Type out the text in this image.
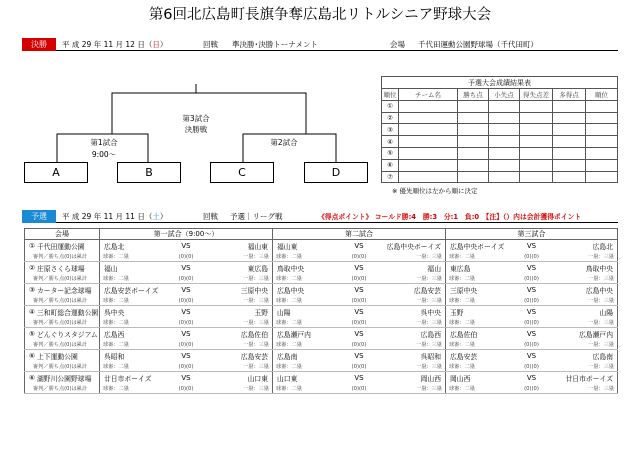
第6回北広島町長旗争奪広島北リトルシニア野球大会
決勝	平 成 29 年 11 月 12 日（日）	回戦 準決勝･決勝トーナメント	会場 千代田運動公園野球場（千代田町）
第3試合
決勝戦
第1試合
9:00～
第2試合
A	B	C	D
予選大会成績結果表						
順位	チーム名	勝ち点	小失点	得失点差	多得点	順位
①						
②						
③						
④						
⑤						
⑥						
⑦						
※ 優先順位は左から順に決定
予選	平 成 29 年 11 月 11 日（土）	回戦 予選｜リーグ戦	《得点ポイント》 コールド勝:4　勝:3　分:1　負:0　【注】（）内は会計獲得ポイント
会場	第一試合（9:00～）	第二試合	第三試合

① 千代田運動公園	広島北 VS 福山東	福山東 VS 広島中央ボーイズ	広島中央ボーイズ VS 広島北

審判／勝ち点(0)は累計	球審：二塁 (0) (0) 一塁：三塁	球審：二塁 (0) (0) 一塁：三塁	球審：二塁 (0) (0) 一塁：三塁

② 庄原さくら球場	福山 VS 東広島	鳥取中央 VS 福山	東広島 VS 鳥取中央

審判／勝ち点(0)は累計	球審：二塁 (0) (0) 一塁：三塁	球審：二塁 (0) (0) 一塁：三塁	球審：二塁 (0) (0) 一塁：三塁

③ カーター記念球場	広島安芸ボーイズ VS 三原中央	広島中央 VS 広島安芸	三原中央 VS 広島中央

審判／勝ち点(0)は累計	球審：二塁 (0) (0) 一塁：三塁	球審：二塁 (0) (0) 一塁：三塁	球審：二塁 (0) (0) 一塁：三塁

④ 三和町総合運動公園	呉中央 VS 玉野	山陽 VS 呉中央	玉野 VS 山陽

審判／勝ち点(0)は累計	球審：二塁 (0) (0) 一塁：三塁	球審：二塁 (0) (0) 一塁：三塁	球審：二塁 (0) (0) 一塁：三塁

⑤ どんぐりスタジアム	広島西 VS 広島佐伯	広島瀬戸内 VS 広島西	広島佐伯 VS 広島瀬戸内

審判／勝ち点(0)は累計	球審：二塁 (0) (0) 一塁：三塁	球審：二塁 (0) (0) 一塁：三塁	球審：二塁 (0) (0) 一塁：三塁

⑥ 上下運動公園	呉昭和 VS 広島安芸	広島南 VS 呉昭和	広島安芸 VS 広島南

審判／勝ち点(0)は累計	球審：二塁 (0) (0) 一塁：三塁	球審：二塁 (0) (0) 一塁：三塁	球審：二塁 (0) (0) 一塁：三塁

⑥ 湖野川公園野球場	廿日市ボーイズ VS 山口東	山口東 VS 岡山西	岡山西 VS 廿日市ボーイズ

審判／勝ち点(0)は累計	球審：二塁 (0) (0) 一塁：三塁	球審：二塁 (0) (0) 一塁：三塁	球審：二塁 (0) (0) 一塁：三塁
